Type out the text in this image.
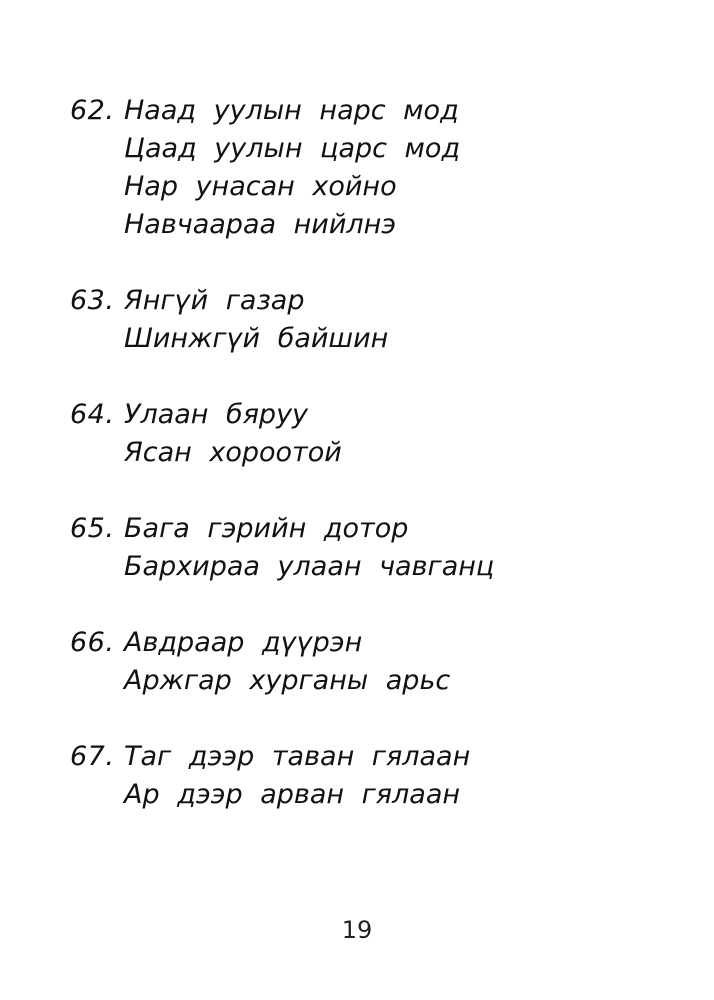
62. Наад уулын нарс мод
Цаад уулын царс мод
Нар унасан хойно
Навчаараа нийлнэ
63. Янгүй газар
Шинжгүй байшин
64. Улаан бяруу
Ясан хороотой
65. Бага гэрийн дотор
Бархираа улаан чавганц
66. Авдраар дүүрэн
Аржгар хурганы арьс
67. Таг дээр таван гялаан
Ар дээр арван гялаан
19
